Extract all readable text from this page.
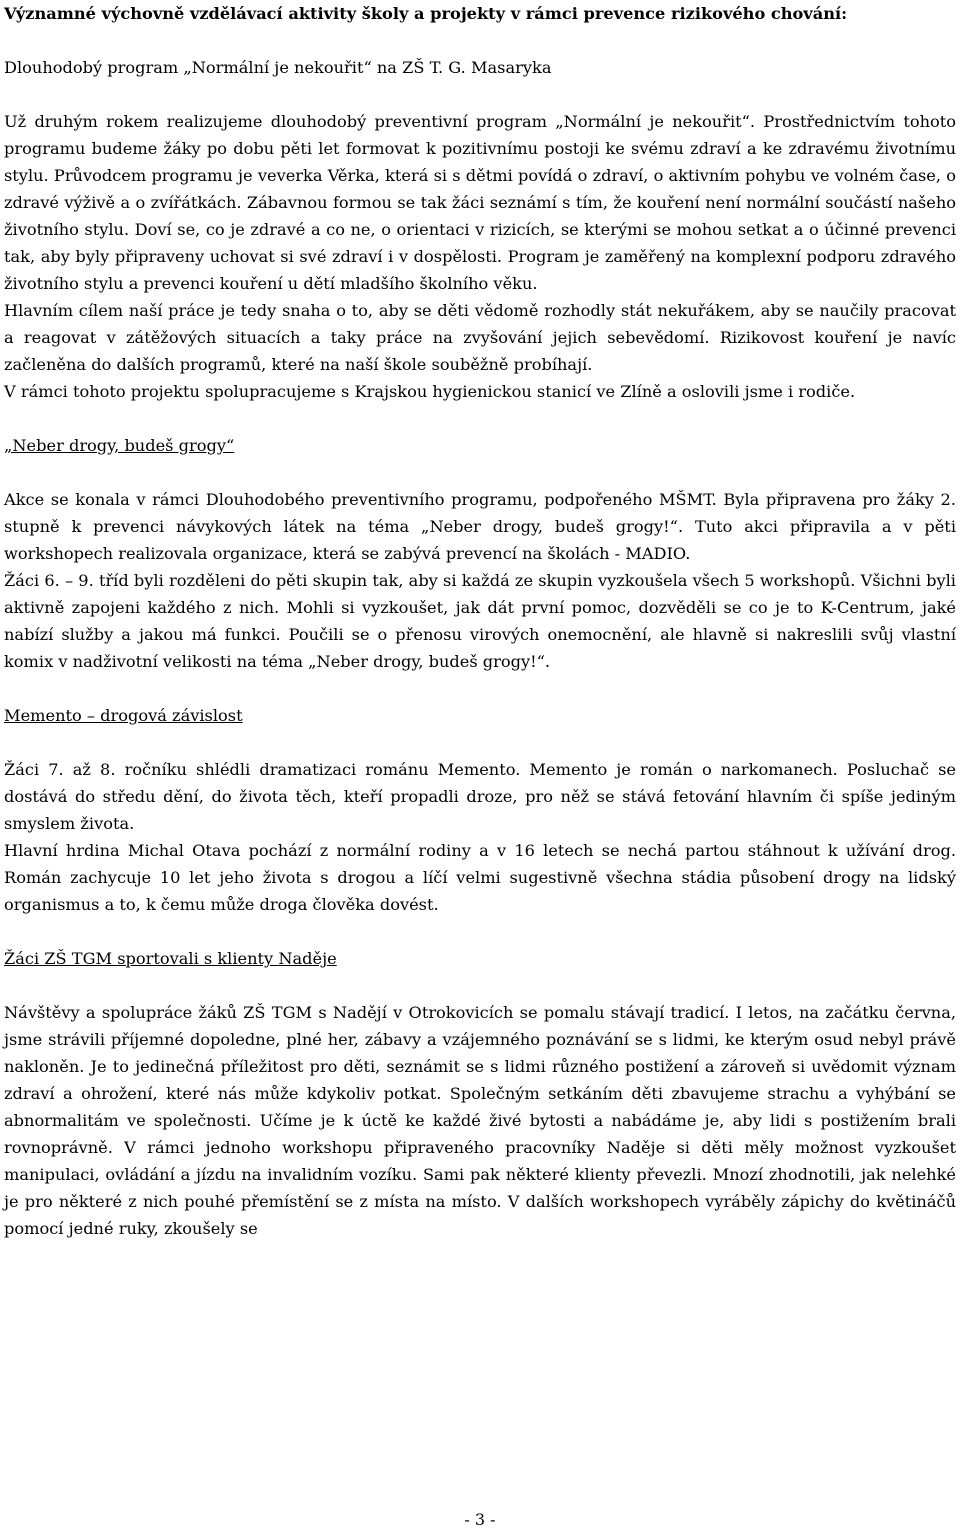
Významné výchovně vzdělávací aktivity školy a projekty v rámci prevence rizikového chování:

Dlouhodobý program „Normální je nekouřit“ na ZŠ T. G. Masaryka

Už druhým rokem realizujeme dlouhodobý preventivní program „Normální je nekouřit“. Prostřednictvím tohoto programu budeme žáky po dobu pěti let formovat k pozitivnímu postoji ke svému zdraví a ke zdravému životnímu stylu. Průvodcem programu je veverka Věrka, která si s dětmi povídá o zdraví, o aktivním pohybu ve volném čase, o zdravé výživě a o zvířátkách. Zábavnou formou se tak žáci seznámí s tím, že kouření není normální součástí našeho životního stylu. Doví se, co je zdravé a co ne, o orientaci v rizicích, se kterými se mohou setkat a o účinné prevenci tak, aby byly připraveny uchovat si své zdraví i v dospělosti. Program je zaměřený na komplexní podporu zdravého životního stylu a prevenci kouření u dětí mladšího školního věku.

Hlavním cílem naší práce je tedy snaha o to, aby se děti vědomě rozhodly stát nekuřákem, aby se naučily pracovat a reagovat v zátěžových situacích a taky práce na zvyšování jejich sebevědomí. Rizikovost kouření je navíc začleněna do dalších programů, které na naší škole souběžně probíhají.

V rámci tohoto projektu spolupracujeme s Krajskou hygienickou stanicí ve Zlíně a oslovili jsme i rodiče.

„Neber drogy, budeš grogy“

Akce se konala v rámci Dlouhodobého preventivního programu, podpořeného MŠMT. Byla připravena pro žáky 2. stupně k prevenci návykových látek na téma „Neber drogy, budeš grogy!“. Tuto akci připravila a v pěti workshopech realizovala organizace, která se zabývá prevencí na školách - MADIO.

Žáci 6. – 9. tříd byli rozděleni do pěti skupin tak, aby si každá ze skupin vyzkoušela všech 5 workshopů. Všichni byli aktivně zapojeni každého z nich. Mohli si vyzkoušet, jak dát první pomoc, dozvěděli se co je to K-Centrum, jaké nabízí služby a jakou má funkci. Poučili se o přenosu virových onemocnění, ale hlavně si nakreslili svůj vlastní komix v nadživotní velikosti na téma „Neber drogy, budeš grogy!“.

Memento – drogová závislost

Žáci 7. až 8. ročníku shlédli dramatizaci románu Memento. Memento je román o narkomanech. Posluchač se dostává do středu dění, do života těch, kteří propadli droze, pro něž se stává fetování hlavním či spíše jediným smyslem života.

Hlavní hrdina Michal Otava pochází z normální rodiny a v 16 letech se nechá partou stáhnout k užívání drog. Román zachycuje 10 let jeho života s drogou a líčí velmi sugestivně všechna stádia působení drogy na lidský organismus a to, k čemu může droga člověka dovést.

Žáci ZŠ TGM sportovali s klienty Naděje

Návštěvy a spolupráce žáků ZŠ TGM s Nadějí v Otrokovicích se pomalu stávají tradicí. I letos, na začátku června, jsme strávili příjemné dopoledne, plné her, zábavy a vzájemného poznávání se s lidmi, ke kterým osud nebyl právě nakloněn. Je to jedinečná příležitost pro děti, seznámit se s lidmi různého postižení a zároveň si uvědomit význam zdraví a ohrožení, které nás může kdykoliv potkat. Společným setkáním děti zbavujeme strachu a vyhýbání se abnormalitám ve společnosti. Učíme je k úctě ke každé živé bytosti a nabádáme je, aby lidi s postižením brali rovnoprávně. V rámci jednoho workshopu připraveného pracovníky Naděje si děti měly možnost vyzkoušet manipulaci, ovládání a jízdu na invalidním vozíku. Sami pak některé klienty převezli. Mnozí zhodnotili, jak nelehké je pro některé z nich pouhé přemístění se z místa na místo. V dalších workshopech vyráběly zápichy do květináčů pomocí jedné ruky, zkoušely se

- 3 -
